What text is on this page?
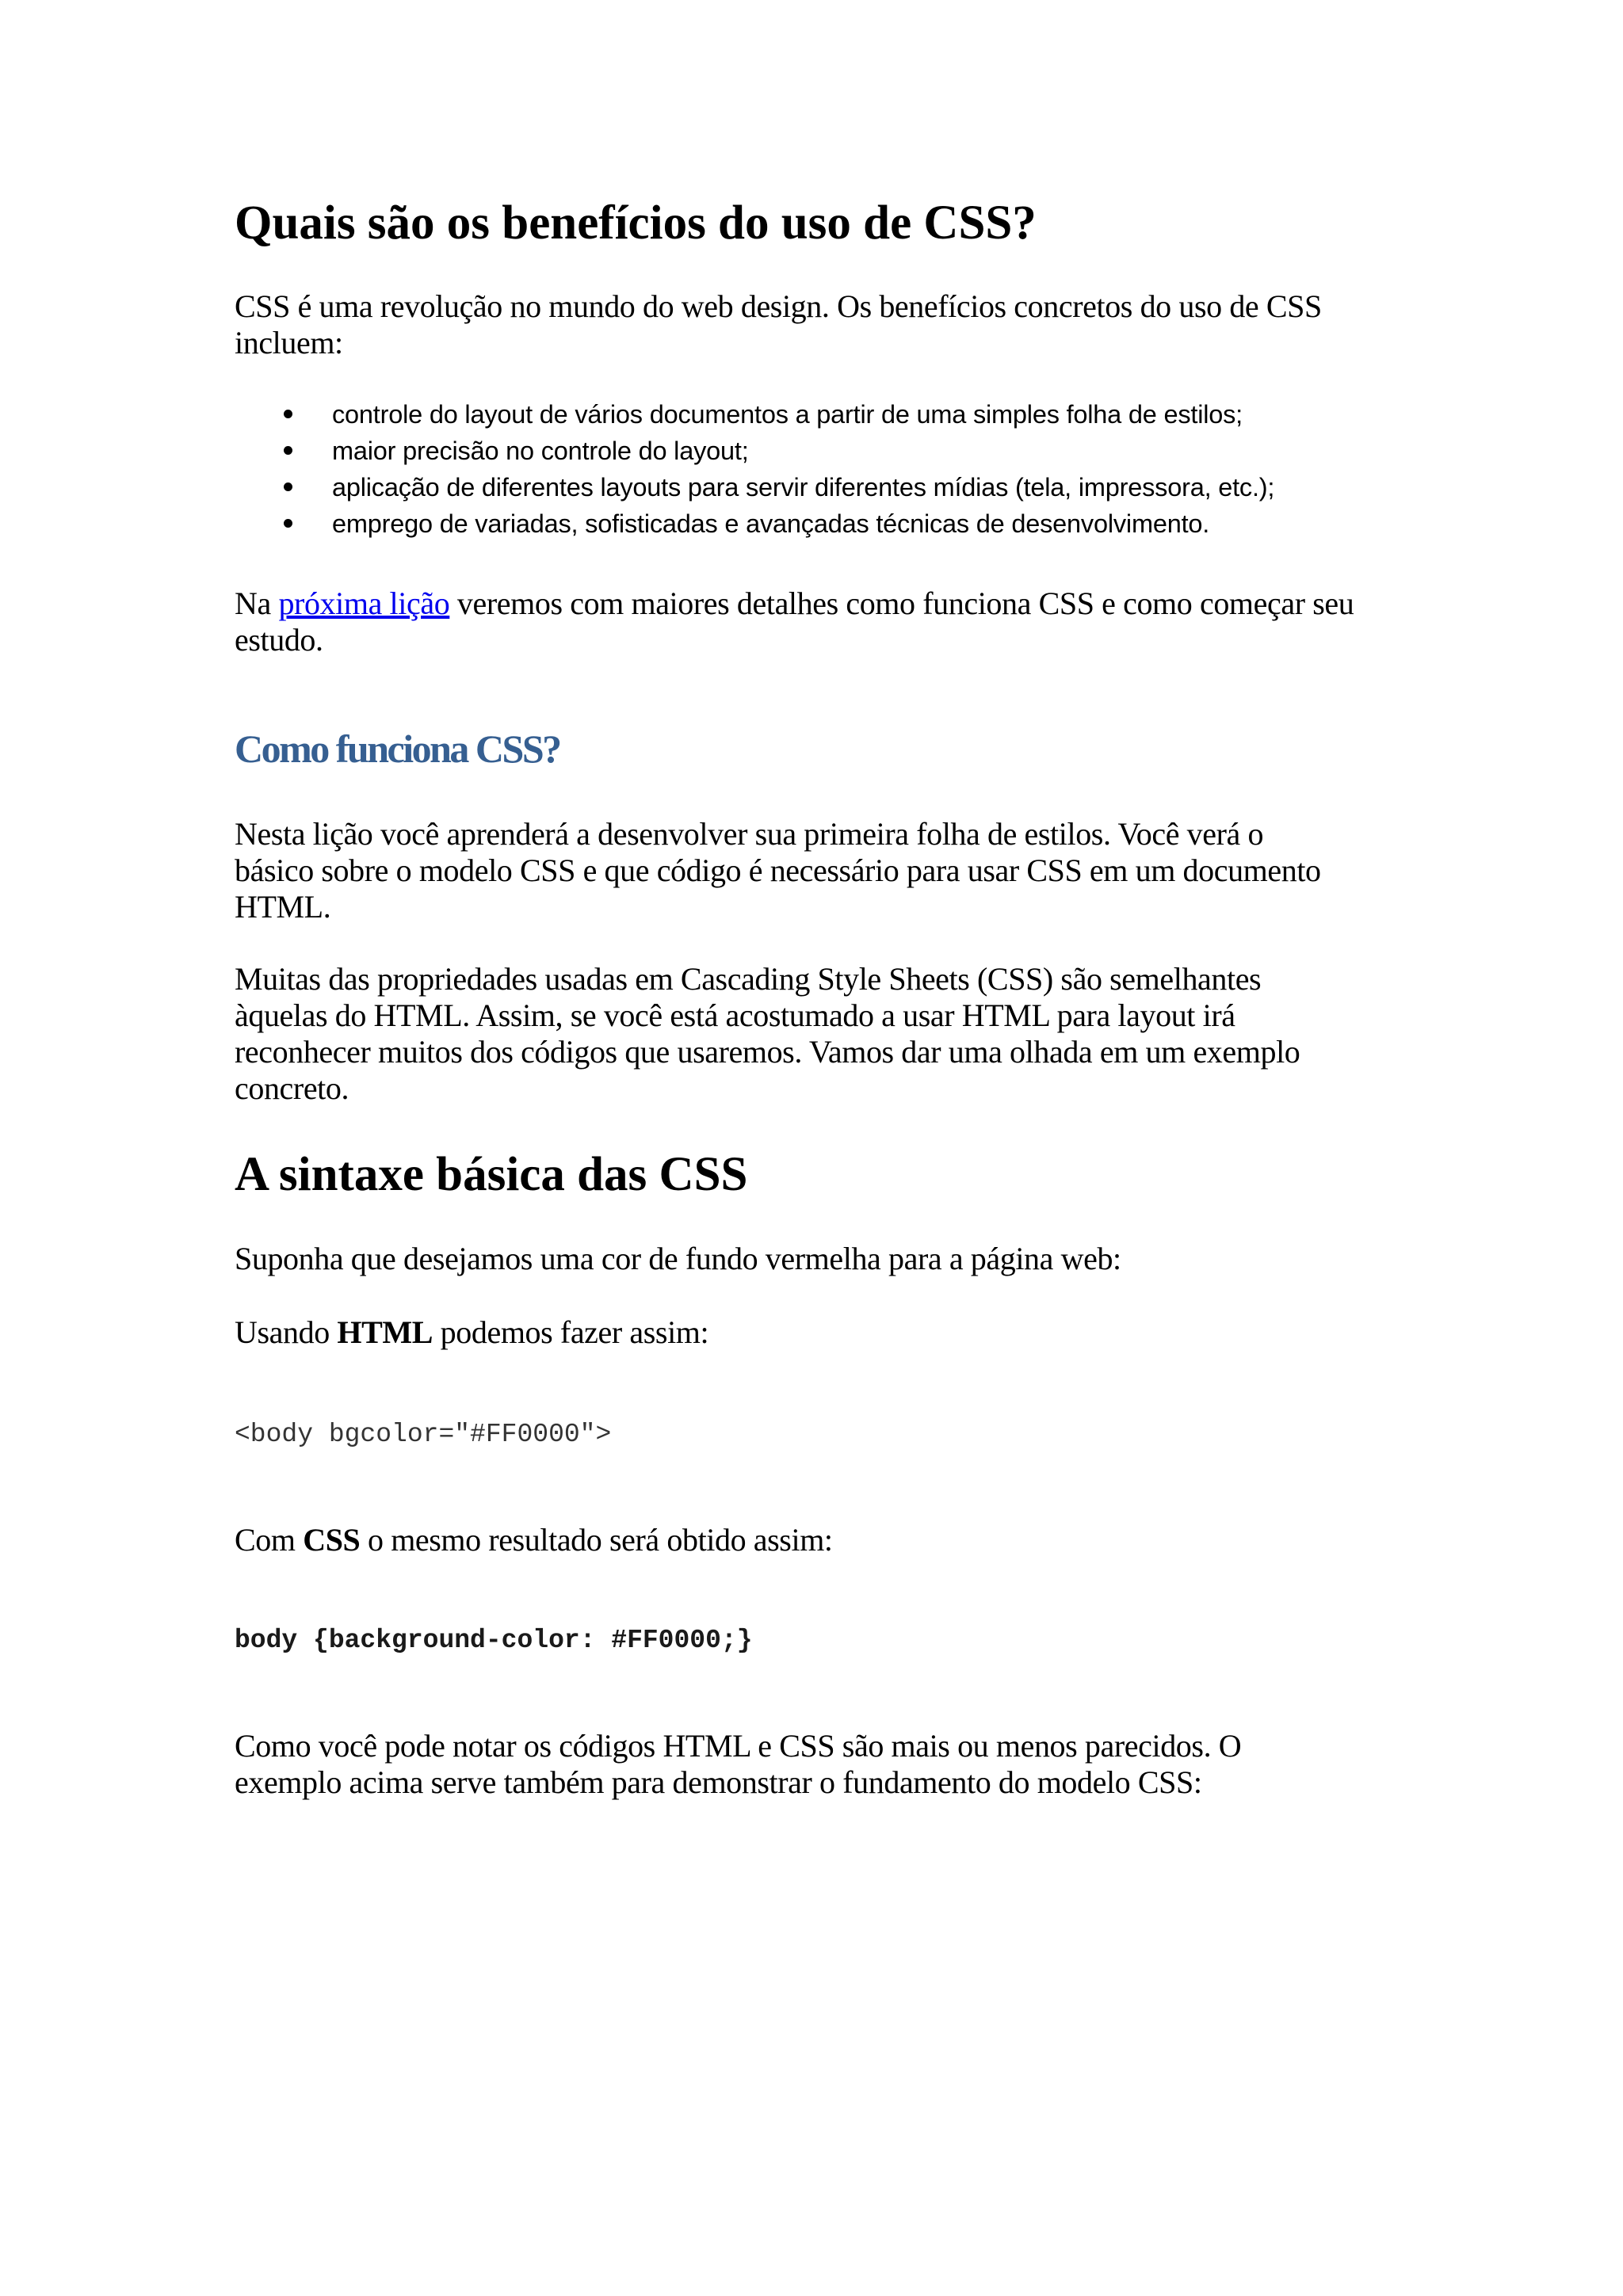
Quais são os benefícios do uso de CSS?

CSS é uma revolução no mundo do web design. Os benefícios concretos do uso de CSS
incluem:

controle do layout de vários documentos a partir de uma simples folha de estilos;
maior precisão no controle do layout;
aplicação de diferentes layouts para servir diferentes mídias (tela, impressora, etc.);
emprego de variadas, sofisticadas e avançadas técnicas de desenvolvimento.

Na próxima lição veremos com maiores detalhes como funciona CSS e como começar seu
estudo.

Como funciona CSS?

Nesta lição você aprenderá a desenvolver sua primeira folha de estilos. Você verá o
básico sobre o modelo CSS e que código é necessário para usar CSS em um documento
HTML.

Muitas das propriedades usadas em Cascading Style Sheets (CSS) são semelhantes
àquelas do HTML. Assim, se você está acostumado a usar HTML para layout irá
reconhecer muitos dos códigos que usaremos. Vamos dar uma olhada em um exemplo
concreto.

A sintaxe básica das CSS

Suponha que desejamos uma cor de fundo vermelha para a página web:

Usando HTML podemos fazer assim:

<body bgcolor="#FF0000">

Com CSS o mesmo resultado será obtido assim:

body {background-color: #FF0000;}

Como você pode notar os códigos HTML e CSS são mais ou menos parecidos. O
exemplo acima serve também para demonstrar o fundamento do modelo CSS:
